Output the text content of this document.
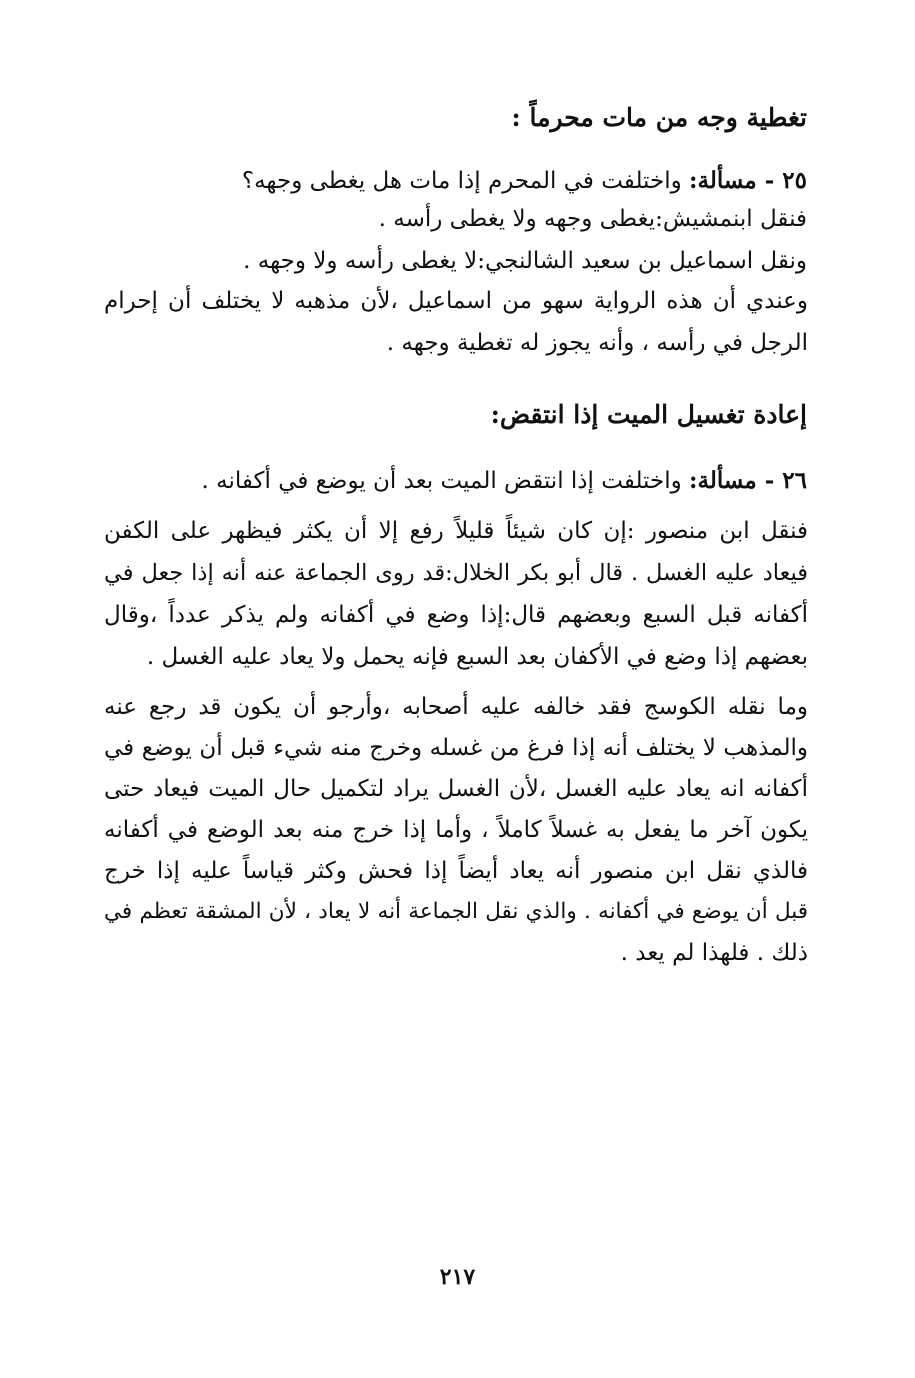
تغطية وجه من مات محرماً :
٢٥ - مسألة: واختلفت في المحرم إذا مات هل يغطى وجهه؟
فنقل ابنمشيش:يغطى وجهه ولا يغطى رأسه .
ونقل اسماعيل بن سعيد الشالنجي:لا يغطى رأسه ولا وجهه .
وعندي أن هذه الرواية سهو من اسماعيل ،لأن مذهبه لا يختلف أن إحرام
الرجل في رأسه ، وأنه يجوز له تغطية وجهه .
إعادة تغسيل الميت إذا انتقض:
٢٦ - مسألة: واختلفت إذا انتقض الميت بعد أن يوضع في أكفانه .
فنقل ابن منصور :إن كان شيئاً قليلاً رفع إلا أن يكثر فيظهر على الكفن
فيعاد عليه الغسل . قال أبو بكر الخلال:قد روى الجماعة عنه أنه إذا جعل في
أكفانه قبل السبع وبعضهم قال:إذا وضع في أكفانه ولم يذكر عدداً ،وقال
بعضهم إذا وضع في الأكفان بعد السبع فإنه يحمل ولا يعاد عليه الغسل .
وما نقله الكوسج فقد خالفه عليه أصحابه ،وأرجو أن يكون قد رجع عنه
والمذهب لا يختلف أنه إذا فرغ من غسله وخرج منه شيء قبل أن يوضع في
أكفانه انه يعاد عليه الغسل ،لأن الغسل يراد لتكميل حال الميت فيعاد حتى
يكون آخر ما يفعل به غسلاً كاملاً ، وأما إذا خرج منه بعد الوضع في أكفانه
فالذي نقل ابن منصور أنه يعاد أيضاً إذا فحش وكثر قياساً عليه إذا خرج
قبل أن يوضع في أكفانه . والذي نقل الجماعة أنه لا يعاد ، لأن المشقة تعظم في
ذلك . فلهذا لم يعد .
٢١٧
